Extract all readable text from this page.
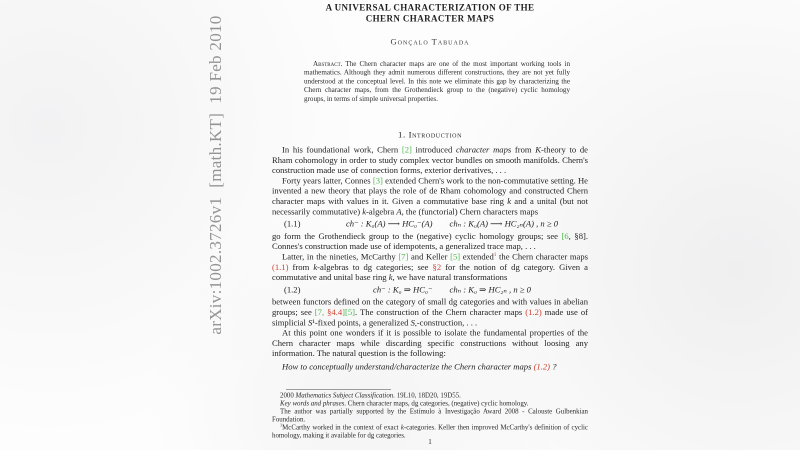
arXiv:1002.3726v1  [math.KT]  19 Feb 2010
A UNIVERSAL CHARACTERIZATION OF THE
CHERN CHARACTER MAPS
Gonçalo Tabuada
Abstract. The Chern character maps are one of the most important working tools in mathematics. Although they admit numerous different constructions, they are not yet fully understood at the conceptual level. In this note we eliminate this gap by characterizing the Chern character maps, from the Grothendieck group to the (negative) cyclic homology groups, in terms of simple universal properties.
1. Introduction
In his foundational work, Chern [2] introduced character maps from K-theory to de Rham cohomology in order to study complex vector bundles on smooth manifolds. Chern's construction made use of connection forms, exterior derivatives, . . .
Forty years latter, Connes [3] extended Chern's work to the non-commutative setting. He invented a new theory that plays the role of de Rham cohomology and constructed Chern character maps with values in it. Given a commutative base ring k and a unital (but not necessarily commutative) k-algebra A, the (functorial) Chern characters maps
(1.1)	ch⁻ : K₀(A) ⟶ HC₀⁻(A) chₙ : K₀(A) ⟶ HC₂ₙ(A) , n ≥ 0
go form the Grothendieck group to the (negative) cyclic homology groups; see [6, §8]. Connes's construction made use of idempotents, a generalized trace map, . . .
Latter, in the nineties, McCarthy [7] and Keller [5] extended$^1$ the Chern character maps (1.1) from k-algebras to dg categories; see §2 for the notion of dg category. Given a commutative and unital base ring k, we have natural transformations
(1.2)	ch⁻ : K₀ ⇒ HC₀⁻ chₙ : K₀ ⇒ HC₂ₙ , n ≥ 0
between functors defined on the category of small dg categories and with values in abelian groups; see [7, §4.4][5]. The construction of the Chern character maps (1.2) made use of simplicial S¹-fixed points, a generalized $S_•$-construction, . . .
At this point one wonders if it is possible to isolate the fundamental properties of the Chern character maps while discarding specific constructions without loosing any information. The natural question is the following:
How to conceptually understand/characterize the Chern character maps (1.2) ?
2000 Mathematics Subject Classification. 19L10, 18D20, 19D55.
Key words and phrases. Chern character maps, dg categories, (negative) cyclic homology.
The author was partially supported by the Estímulo à Investigação Award 2008 - Calouste Gulbenkian Foundation.
$^1$McCarthy worked in the context of exact k-categories. Keller then improved McCarthy's definition of cyclic homology, making it available for dg categories.
1
